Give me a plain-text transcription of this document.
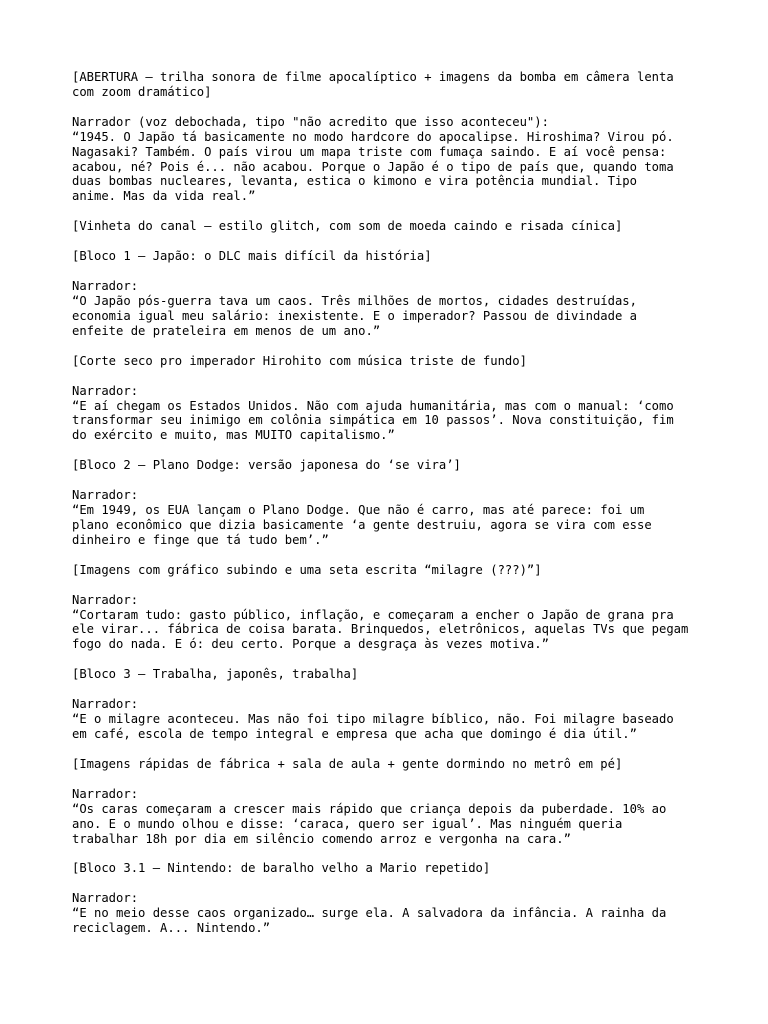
[ABERTURA – trilha sonora de filme apocalíptico + imagens da bomba em câmera lenta
com zoom dramático]
Narrador (voz debochada, tipo "não acredito que isso aconteceu"):
“1945. O Japão tá basicamente no modo hardcore do apocalipse. Hiroshima? Virou pó.
Nagasaki? Também. O país virou um mapa triste com fumaça saindo. E aí você pensa:
acabou, né? Pois é... não acabou. Porque o Japão é o tipo de país que, quando toma
duas bombas nucleares, levanta, estica o kimono e vira potência mundial. Tipo
anime. Mas da vida real.”
[Vinheta do canal – estilo glitch, com som de moeda caindo e risada cínica]
[Bloco 1 – Japão: o DLC mais difícil da história]
Narrador:
“O Japão pós-guerra tava um caos. Três milhões de mortos, cidades destruídas,
economia igual meu salário: inexistente. E o imperador? Passou de divindade a
enfeite de prateleira em menos de um ano.”
[Corte seco pro imperador Hirohito com música triste de fundo]
Narrador:
“E aí chegam os Estados Unidos. Não com ajuda humanitária, mas com o manual: ‘como
transformar seu inimigo em colônia simpática em 10 passos’. Nova constituição, fim
do exército e muito, mas MUITO capitalismo.”
[Bloco 2 – Plano Dodge: versão japonesa do ‘se vira’]
Narrador:
“Em 1949, os EUA lançam o Plano Dodge. Que não é carro, mas até parece: foi um
plano econômico que dizia basicamente ‘a gente destruiu, agora se vira com esse
dinheiro e finge que tá tudo bem’.”
[Imagens com gráfico subindo e uma seta escrita “milagre (???)”]
Narrador:
“Cortaram tudo: gasto público, inflação, e começaram a encher o Japão de grana pra
ele virar... fábrica de coisa barata. Brinquedos, eletrônicos, aquelas TVs que pegam
fogo do nada. E ó: deu certo. Porque a desgraça às vezes motiva.”
[Bloco 3 – Trabalha, japonês, trabalha]
Narrador:
“E o milagre aconteceu. Mas não foi tipo milagre bíblico, não. Foi milagre baseado
em café, escola de tempo integral e empresa que acha que domingo é dia útil.”
[Imagens rápidas de fábrica + sala de aula + gente dormindo no metrô em pé]
Narrador:
“Os caras começaram a crescer mais rápido que criança depois da puberdade. 10% ao
ano. E o mundo olhou e disse: ‘caraca, quero ser igual’. Mas ninguém queria
trabalhar 18h por dia em silêncio comendo arroz e vergonha na cara.”
[Bloco 3.1 – Nintendo: de baralho velho a Mario repetido]
Narrador:
“E no meio desse caos organizado… surge ela. A salvadora da infância. A rainha da
reciclagem. A... Nintendo.”
